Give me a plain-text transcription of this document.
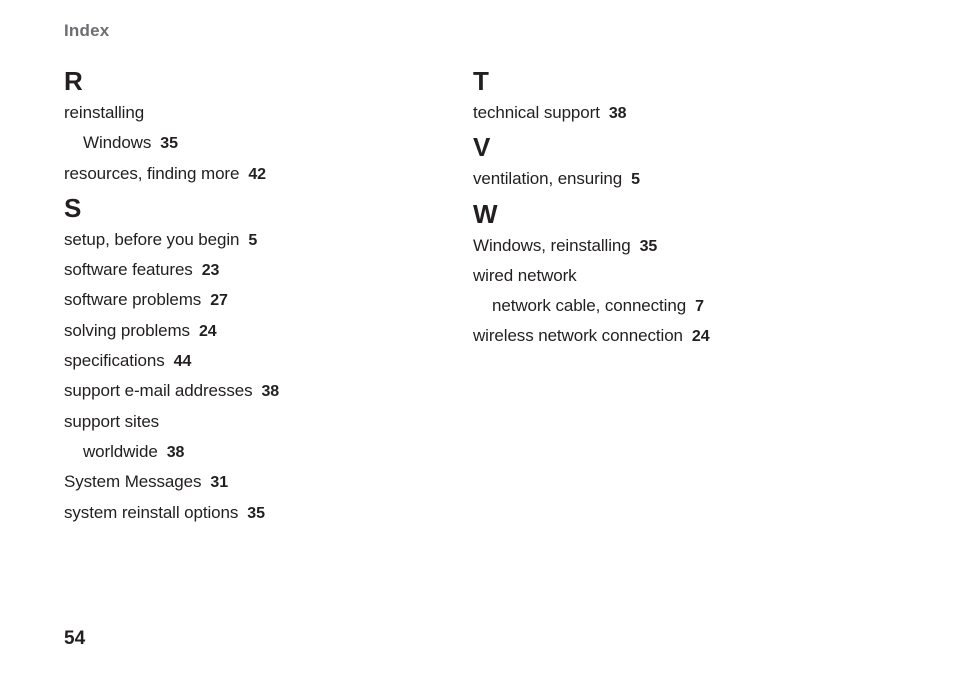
Index
R
reinstalling
Windows 35
resources, finding more 42
S
setup, before you begin 5
software features 23
software problems 27
solving problems 24
specifications 44
support e-mail addresses 38
support sites
worldwide 38
System Messages 31
system reinstall options 35
T
technical support 38
V
ventilation, ensuring 5
W
Windows, reinstalling 35
wired network
network cable, connecting 7
wireless network connection 24
54
